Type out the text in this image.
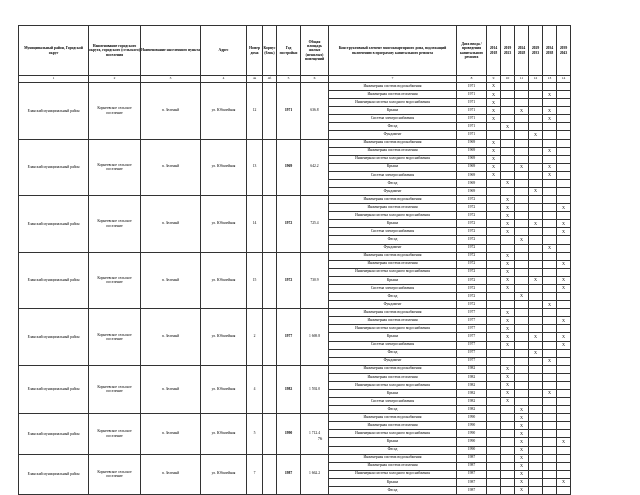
Муниципальный район, Городской округ	Наименование городского округа, городского (сельского) поселения	Наименование населенного пункта	Адрес	Номер дома	Корпус (блок)	Год постройки	Общая площадь жилых (нежилых) помещений	Конструктивный элемент многоквартирного дома, подлежащий включению в программу капитального ремонта	Дата ввода / проведения капитального ремонта	2014 2018	2019 2023	2024 2028	2029 2033	2034 2038	2039 2043
1	2	3	4	4а	4б	5	6	7	8	9	10	11	12	13	14
Еланский муниципальный район	Корнеевское сельское поселение	п. Зеленый	ул. Юбилейная	12		1971	636.8	Инженерная система водоснабжения	1971	X					
								Инженерная система отопления	1971	X				X	
								Инженерная система холодного водоснабжения	1971	X					
								Крыша	1971	X		X		X	
								Система электроснабжения	1971	X				X	
								Фасад	1971		X				
								Фундамент	1971				X		
Еланский муниципальный район	Корнеевское сельское поселение	п. Зеленый	ул. Юбилейная	13		1969	642.2	Инженерная система водоснабжения	1969	X					
								Инженерная система отопления	1969	X				X	
								Инженерная система холодного водоснабжения	1969	X					
								Крыша	1969	X		X		X	
								Система электроснабжения	1969	X				X	
								Фасад	1969		X				
								Фундамент	1969				X		
Еланский муниципальный район	Корнеевское сельское поселение	п. Зеленый	ул. Юбилейная	14		1972	725.4	Инженерная система водоснабжения	1972		X				
								Инженерная система отопления	1972		X				X
								Инженерная система холодного водоснабжения	1972		X				
								Крыша	1972		X		X		X
								Система электроснабжения	1972		X				X
								Фасад	1972			X			
								Фундамент	1972					X	
Еланский муниципальный район	Корнеевское сельское поселение	п. Зеленый	ул. Юбилейная	15		1972	730.9	Инженерная система водоснабжения	1972		X				
								Инженерная система отопления	1972		X				X
								Инженерная система холодного водоснабжения	1972		X				
								Крыша	1972		X		X		X
								Система электроснабжения	1972		X				X
								Фасад	1972			X			
								Фундамент	1972					X	
Еланский муниципальный район	Корнеевское сельское поселение	п. Зеленый	ул. Юбилейная	2		1977	1 669.8	Инженерная система водоснабжения	1977		X				
								Инженерная система отопления	1977		X				X
								Инженерная система холодного водоснабжения	1977		X				
								Крыша	1977		X		X		X
								Система электроснабжения	1977		X				X
								Фасад	1977				X		
								Фундамент	1977					X	
Еланский муниципальный район	Корнеевское сельское поселение	п. Зеленый	ул. Юбилейная	4		1982	1 592.0	Инженерная система водоснабжения	1982		X				
								Инженерная система отопления	1982		X				
								Инженерная система холодного водоснабжения	1982		X				
								Крыша	1982		X			X	
								Система электроснабжения	1982		X				
								Фасад	1982			X			
Еланский муниципальный район	Корнеевское сельское поселение	п. Зеленый	ул. Юбилейная	5		1990	1 712.4	Инженерная система водоснабжения	1990			X			
								Инженерная система отопления	1990			X			
								Инженерная система холодного водоснабжения	1990			X			
								Крыша	1990			X			X
								Фасад	1990			X			
Еланский муниципальный район	Корнеевское сельское поселение	п. Зеленый	ул. Юбилейная	7		1987	1 662.2	Инженерная система водоснабжения	1987			X			
								Инженерная система отопления	1987			X			
								Инженерная система холодного водоснабжения	1987			X			
								Крыша	1987			X			X
								Фасад	1987			X			
76
